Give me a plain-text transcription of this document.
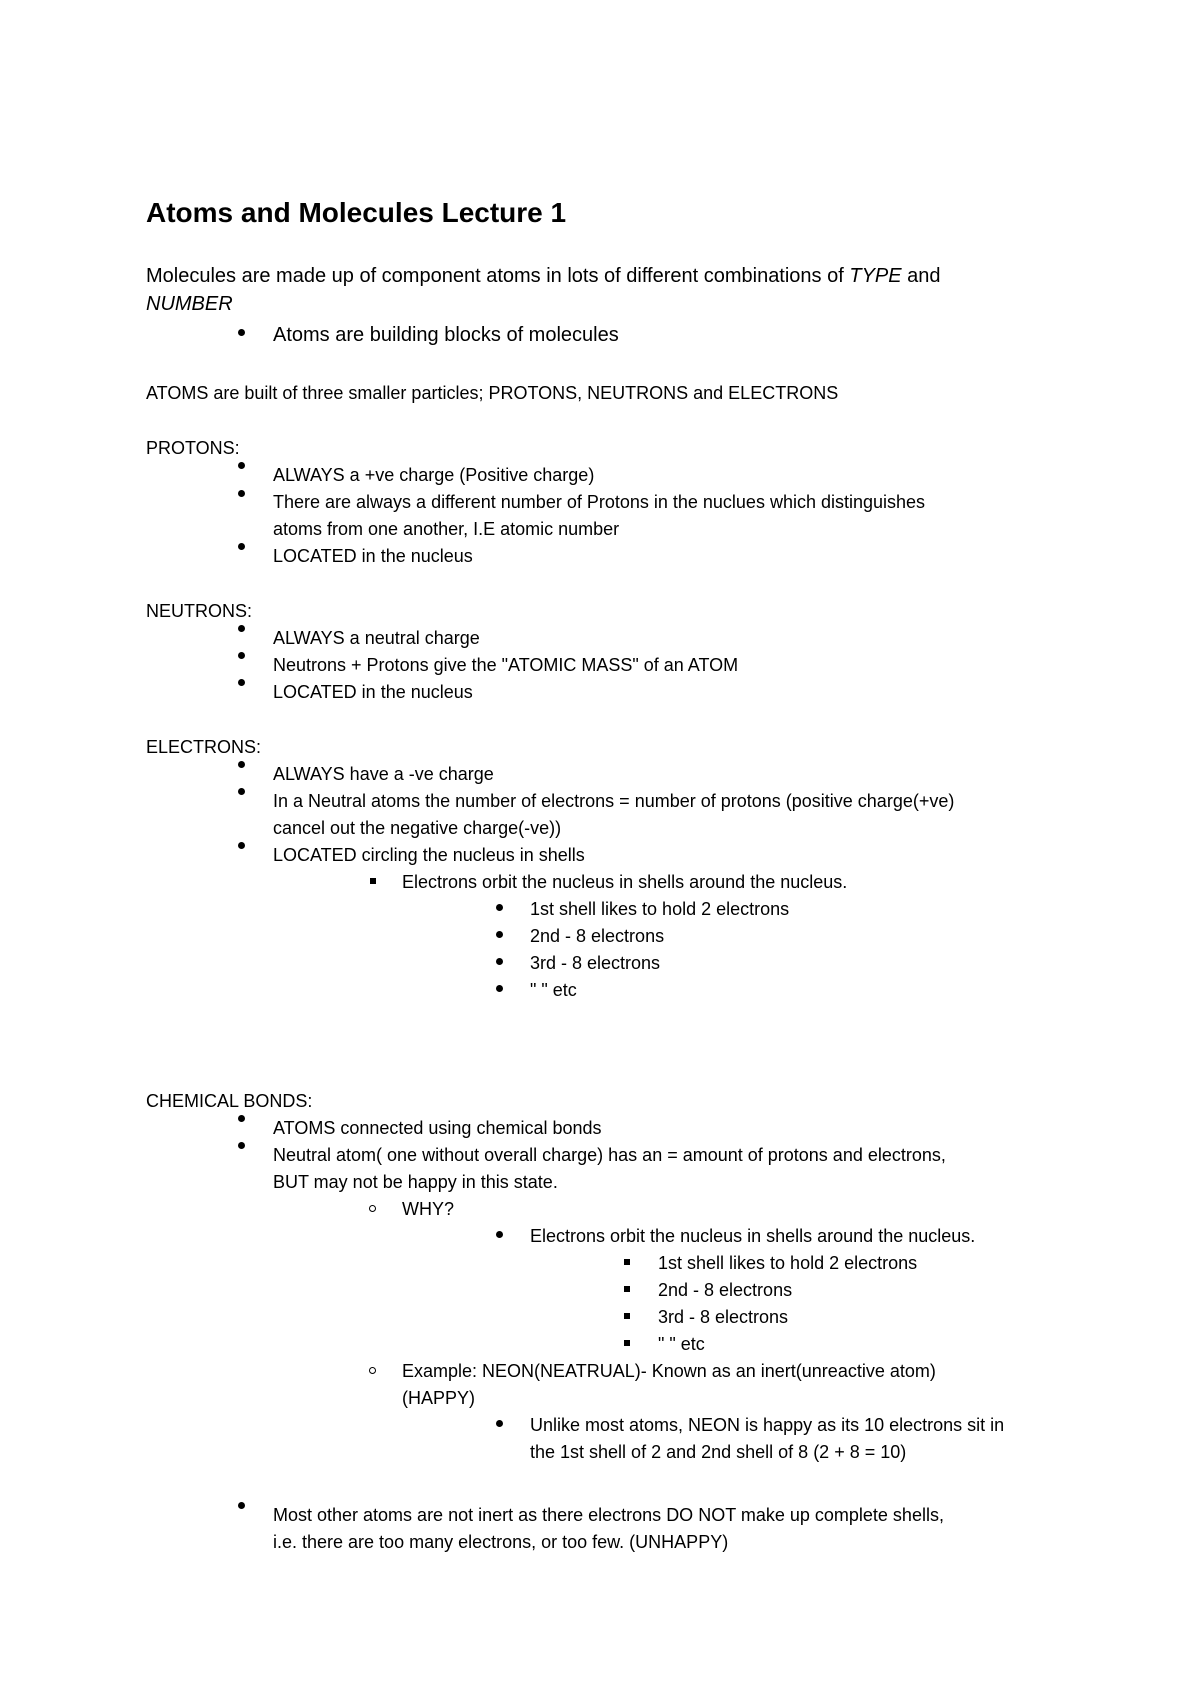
Atoms and Molecules Lecture 1
Molecules are made up of component atoms in lots of different combinations of TYPE and
NUMBER
Atoms are building blocks of molecules
ATOMS are built of three smaller particles; PROTONS, NEUTRONS and ELECTRONS
PROTONS:
ALWAYS a +ve charge (Positive charge)
There are always a different number of Protons in the nuclues which distinguishes
atoms from one another, I.E atomic number
LOCATED in the nucleus
NEUTRONS:
ALWAYS a neutral charge
Neutrons + Protons give the "ATOMIC MASS" of an ATOM
LOCATED in the nucleus
ELECTRONS:
ALWAYS have a -ve charge
In a Neutral atoms the number of electrons = number of protons (positive charge(+ve)
cancel out the negative charge(-ve))
LOCATED circling the nucleus in shells
Electrons orbit the nucleus in shells around the nucleus.
1st shell likes to hold 2 electrons
2nd - 8 electrons
3rd - 8 electrons
" " etc
CHEMICAL BONDS:
ATOMS connected using chemical bonds
Neutral atom( one without overall charge) has an = amount of protons and electrons,
BUT may not be happy in this state.
WHY?
Electrons orbit the nucleus in shells around the nucleus.
1st shell likes to hold 2 electrons
2nd - 8 electrons
3rd - 8 electrons
" " etc
Example: NEON(NEATRUAL)- Known as an inert(unreactive atom)
(HAPPY)
Unlike most atoms, NEON is happy as its 10 electrons sit in
the 1st shell of 2 and 2nd shell of 8 (2 + 8 = 10)
Most other atoms are not inert as there electrons DO NOT make up complete shells,
i.e. there are too many electrons, or too few. (UNHAPPY)
